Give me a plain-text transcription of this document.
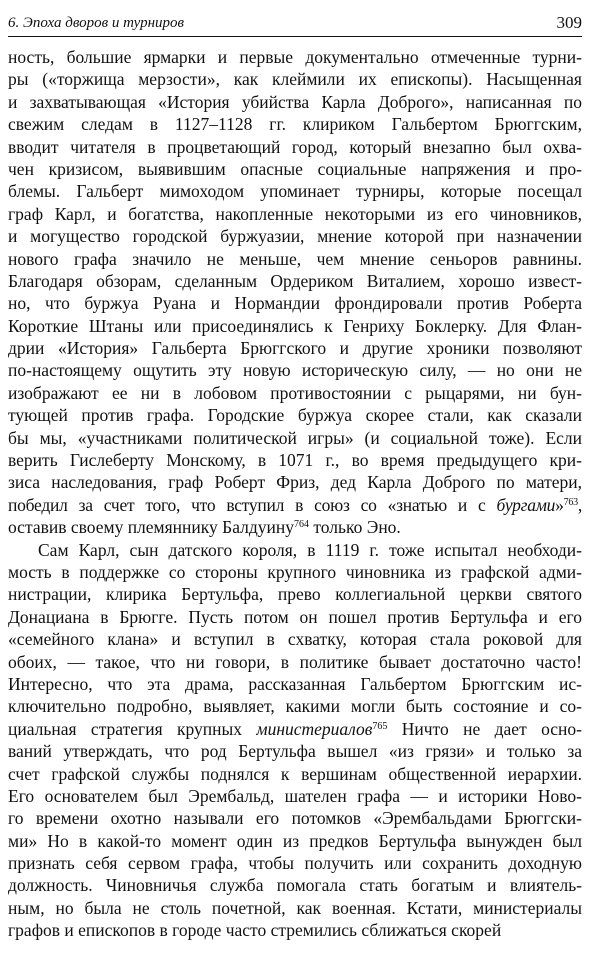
6. Эпоха дворов и турниров	309
ность, большие ярмарки и первые документально отмеченные турни-
ры («торжища мерзости», как клеймили их епископы). Насыщенная
и захватывающая «История убийства Карла Доброго», написанная по
свежим следам в 1127–1128 гг. клириком Гальбертом Брюггским,
вводит читателя в процветающий город, который внезапно был охва-
чен кризисом, выявившим опасные социальные напряжения и про-
блемы. Гальберт мимоходом упоминает турниры, которые посещал
граф Карл, и богатства, накопленные некоторыми из его чиновников,
и могущество городской буржуазии, мнение которой при назначении
нового графа значило не меньше, чем мнение сеньоров равнины.
Благодаря обзорам, сделанным Ордериком Виталием, хорошо извест-
но, что буржуа Руана и Нормандии фрондировали против Роберта
Короткие Штаны или присоединялись к Генриху Боклерку. Для Флан-
дрии «История» Гальберта Брюггского и другие хроники позволяют
по-настоящему ощутить эту новую историческую силу, — но они не
изображают ее ни в лобовом противостоянии с рыцарями, ни бун-
тующей против графа. Городские буржуа скорее стали, как сказали
бы мы, «участниками политической игры» (и социальной тоже). Если
верить Гислеберту Монскому, в 1071 г., во время предыдущего кри-
зиса наследования, граф Роберт Фриз, дед Карла Доброго по матери,
победил за счет того, что вступил в союз со «знатью и с бургами»$^{763}$,
оставив своему племяннику Балдуину$^{764}$ только Эно.
Сам Карл, сын датского короля, в 1119 г. тоже испытал необходи-
мость в поддержке со стороны крупного чиновника из графской адми-
нистрации, клирика Бертульфа, прево коллегиальной церкви святого
Донациана в Брюгге. Пусть потом он пошел против Бертульфа и его
«семейного клана» и вступил в схватку, которая стала роковой для
обоих, — такое, что ни говори, в политике бывает достаточно часто!
Интересно, что эта драма, рассказанная Гальбертом Брюггским ис-
ключительно подробно, выявляет, какими могли быть состояние и со-
циальная стратегия крупных министериалов$^{765}$ Ничто не дает осно-
ваний утверждать, что род Бертульфа вышел «из грязи» и только за
счет графской службы поднялся к вершинам общественной иерархии.
Его основателем был Эрембальд, шателен графа — и историки Ново-
го времени охотно называли его потомков «Эрембальдами Брюггски-
ми» Но в какой-то момент один из предков Бертульфа вынужден был
признать себя сервом графа, чтобы получить или сохранить доходную
должность. Чиновничья служба помогала стать богатым и влиятель-
ным, но была не столь почетной, как военная. Кстати, министериалы
графов и епископов в городе часто стремились сближаться скорей
